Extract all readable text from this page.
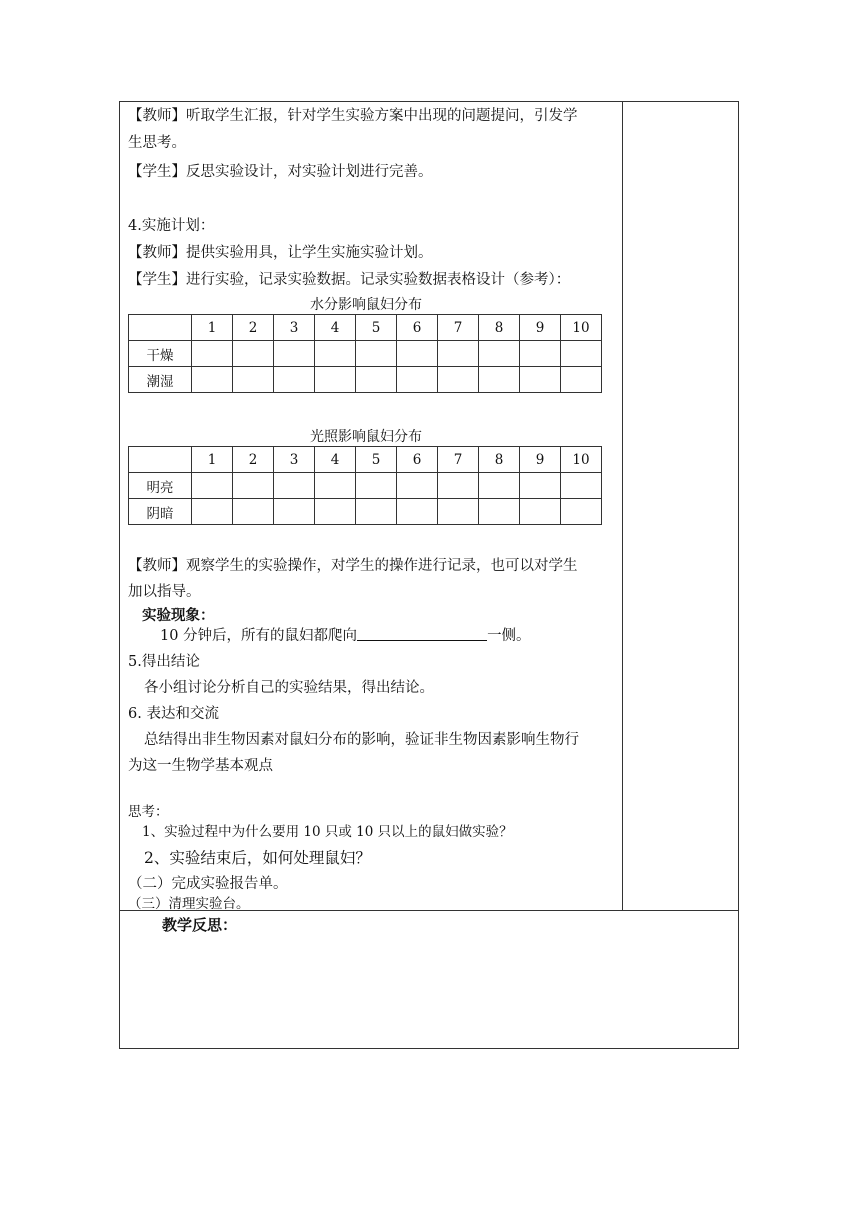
【教师】听取学生汇报，针对学生实验方案中出现的问题提问，引发学
生思考。
【学生】反思实验设计，对实验计划进行完善。
4.实施计划：
【教师】提供实验用具，让学生实施实验计划。
【学生】进行实验，记录实验数据。记录实验数据表格设计（参考）：
水分影响鼠妇分布
	1	2	3	4	5	6	7	8	9	10
干燥										
潮湿										
光照影响鼠妇分布
	1	2	3	4	5	6	7	8	9	10
明亮										
阴暗										
【教师】观察学生的实验操作，对学生的操作进行记录，也可以对学生
加以指导。
实验现象：
10 分钟后，所有的鼠妇都爬向	一侧。
5.得出结论
各小组讨论分析自己的实验结果，得出结论。
6. 表达和交流
总结得出非生物因素对鼠妇分布的影响，验证非生物因素影响生物行
为这一生物学基本观点
思考：
1、实验过程中为什么要用 10 只或 10 只以上的鼠妇做实验？
2、实验结束后，如何处理鼠妇？
（二）完成实验报告单。
（三）清理实验台。
教学反思：
